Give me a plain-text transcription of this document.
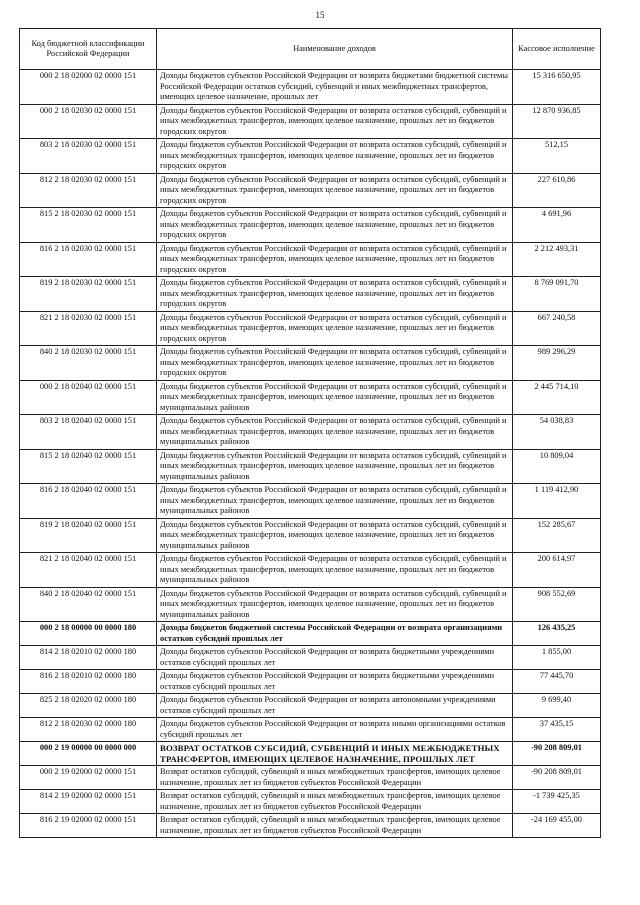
15
Код бюджетной классификации Российской Федерации	Наименование доходов	Кассовое исполнение
000 2 18 02000 02 0000 151	Доходы бюджетов субъектов Российской Федерации от возврата бюджетами бюджетной системы Российской Федерации остатков субсидий, субвенций и иных межбюджетных трансфертов, имеющих целевое назначение, прошлых лет	15 316 650,95
000 2 18 02030 02 0000 151	Доходы бюджетов субъектов Российской Федерации от возврата остатков субсидий, субвенций и иных межбюджетных трансфертов, имеющих целевое назначение, прошлых лет из бюджетов городских округов	12 870 936,85
803 2 18 02030 02 0000 151	Доходы бюджетов субъектов Российской Федерации от возврата остатков субсидий, субвенций и иных межбюджетных трансфертов, имеющих целевое назначение, прошлых лет из бюджетов городских округов	512,15
812 2 18 02030 02 0000 151	Доходы бюджетов субъектов Российской Федерации от возврата остатков субсидий, субвенций и иных межбюджетных трансфертов, имеющих целевое назначение, прошлых лет из бюджетов городских округов	227 610,86
815 2 18 02030 02 0000 151	Доходы бюджетов субъектов Российской Федерации от возврата остатков субсидий, субвенций и иных межбюджетных трансфертов, имеющих целевое назначение, прошлых лет из бюджетов городских округов	4 691,96
816 2 18 02030 02 0000 151	Доходы бюджетов субъектов Российской Федерации от возврата остатков субсидий, субвенций и иных межбюджетных трансфертов, имеющих целевое назначение, прошлых лет из бюджетов городских округов	2 212 493,31
819 2 18 02030 02 0000 151	Доходы бюджетов субъектов Российской Федерации от возврата остатков субсидий, субвенций и иных межбюджетных трансфертов, имеющих целевое назначение, прошлых лет из бюджетов городских округов	8 769 091,70
821 2 18 02030 02 0000 151	Доходы бюджетов субъектов Российской Федерации от возврата остатков субсидий, субвенций и иных межбюджетных трансфертов, имеющих целевое назначение, прошлых лет из бюджетов городских округов	667 240,58
840 2 18 02030 02 0000 151	Доходы бюджетов субъектов Российской Федерации от возврата остатков субсидий, субвенций и иных межбюджетных трансфертов, имеющих целевое назначение, прошлых лет из бюджетов городских округов	989 296,29
000 2 18 02040 02 0000 151	Доходы бюджетов субъектов Российской Федерации от возврата остатков субсидий, субвенций и иных межбюджетных трансфертов, имеющих целевое назначение, прошлых лет из бюджетов муниципальных районов	2 445 714,10
803 2 18 02040 02 0000 151	Доходы бюджетов субъектов Российской Федерации от возврата остатков субсидий, субвенций и иных межбюджетных трансфертов, имеющих целевое назначение, прошлых лет из бюджетов муниципальных районов	54 038,83
815 2 18 02040 02 0000 151	Доходы бюджетов субъектов Российской Федерации от возврата остатков субсидий, субвенций и иных межбюджетных трансфертов, имеющих целевое назначение, прошлых лет из бюджетов муниципальных районов	10 809,04
816 2 18 02040 02 0000 151	Доходы бюджетов субъектов Российской Федерации от возврата остатков субсидий, субвенций и иных межбюджетных трансфертов, имеющих целевое назначение, прошлых лет из бюджетов муниципальных районов	1 119 412,90
819 2 18 02040 02 0000 151	Доходы бюджетов субъектов Российской Федерации от возврата остатков субсидий, субвенций и иных межбюджетных трансфертов, имеющих целевое назначение, прошлых лет из бюджетов муниципальных районов	152 285,67
821 2 18 02040 02 0000 151	Доходы бюджетов субъектов Российской Федерации от возврата остатков субсидий, субвенций и иных межбюджетных трансфертов, имеющих целевое назначение, прошлых лет из бюджетов муниципальных районов	200 614,97
840 2 18 02040 02 0000 151	Доходы бюджетов субъектов Российской Федерации от возврата остатков субсидий, субвенций и иных межбюджетных трансфертов, имеющих целевое назначение, прошлых лет из бюджетов муниципальных районов	908 552,69
000 2 18 00000 00 0000 180	Доходы бюджетов бюджетной системы Российской Федерации от возврата организациями остатков субсидий прошлых лет	126 435,25
814 2 18 02010 02 0000 180	Доходы бюджетов субъектов Российской Федерации от возврата бюджетными учреждениями остатков субсидий прошлых лет	1 855,00
816 2 18 02010 02 0000 180	Доходы бюджетов субъектов Российской Федерации от возврата бюджетными учреждениями остатков субсидий прошлых лет	77 445,70
825 2 18 02020 02 0000 180	Доходы бюджетов субъектов Российской Федерации от возврата автономными учреждениями остатков субсидий прошлых лет	9 699,40
812 2 18 02030 02 0000 180	Доходы бюджетов субъектов Российской Федерации от возврата иными организациями остатков субсидий прошлых лет	37 435,15
000 2 19 00000 00 0000 000	ВОЗВРАТ ОСТАТКОВ СУБСИДИЙ, СУБВЕНЦИЙ И ИНЫХ МЕЖБЮДЖЕТНЫХ ТРАНСФЕРТОВ, ИМЕЮЩИХ ЦЕЛЕВОЕ НАЗНАЧЕНИЕ, ПРОШЛЫХ ЛЕТ	-90 208 809,01
000 2 19 02000 02 0000 151	Возврат остатков субсидий, субвенций и иных межбюджетных трансфертов, имеющих целевое назначение, прошлых лет из бюджетов субъектов Российской Федерации	-90 208 809,01
814 2 19 02000 02 0000 151	Возврат остатков субсидий, субвенций и иных межбюджетных трансфертов, имеющих целевое назначение, прошлых лет из бюджетов субъектов Российской Федерации	-1 739 425,35
816 2 19 02000 02 0000 151	Возврат остатков субсидий, субвенций и иных межбюджетных трансфертов, имеющих целевое назначение, прошлых лет из бюджетов субъектов Российской Федерации	-24 169 455,00
